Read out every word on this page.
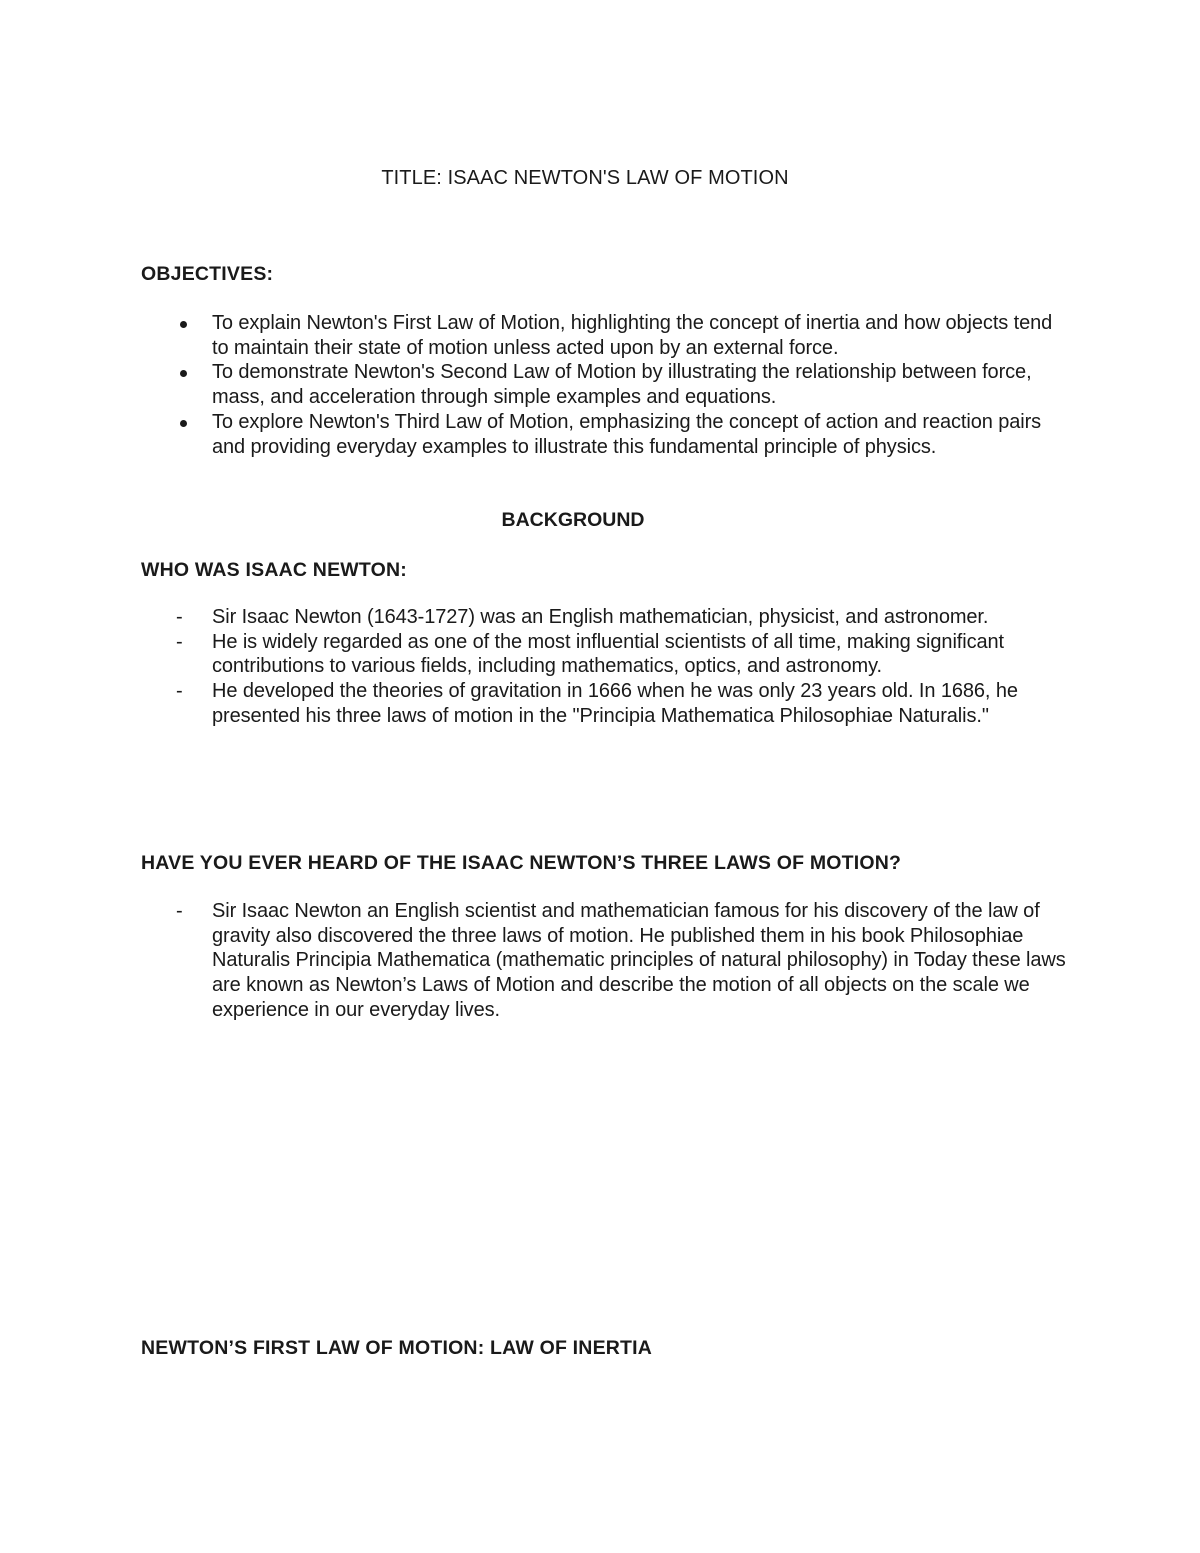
TITLE: ISAAC NEWTON'S LAW OF MOTION
OBJECTIVES:
To explain Newton's First Law of Motion, highlighting the concept of inertia and how objects tend to maintain their state of motion unless acted upon by an external force.
To demonstrate Newton's Second Law of Motion by illustrating the relationship between force, mass, and acceleration through simple examples and equations.
To explore Newton's Third Law of Motion, emphasizing the concept of action and reaction pairs and providing everyday examples to illustrate this fundamental principle of physics.
BACKGROUND
WHO WAS ISAAC NEWTON:
- Sir Isaac Newton (1643-1727) was an English mathematician, physicist, and astronomer.
- He is widely regarded as one of the most influential scientists of all time, making significant contributions to various fields, including mathematics, optics, and astronomy.
- He developed the theories of gravitation in 1666 when he was only 23 years old. In 1686, he presented his three laws of motion in the "Principia Mathematica Philosophiae Naturalis."
HAVE YOU EVER HEARD OF THE ISAAC NEWTON’S THREE LAWS OF MOTION?
- Sir Isaac Newton an English scientist and mathematician famous for his discovery of the law of gravity also discovered the three laws of motion. He published them in his book Philosophiae Naturalis Principia Mathematica (mathematic principles of natural philosophy) in Today these laws are known as Newton’s Laws of Motion and describe the motion of all objects on the scale we experience in our everyday lives.
NEWTON’S FIRST LAW OF MOTION: LAW OF INERTIA
